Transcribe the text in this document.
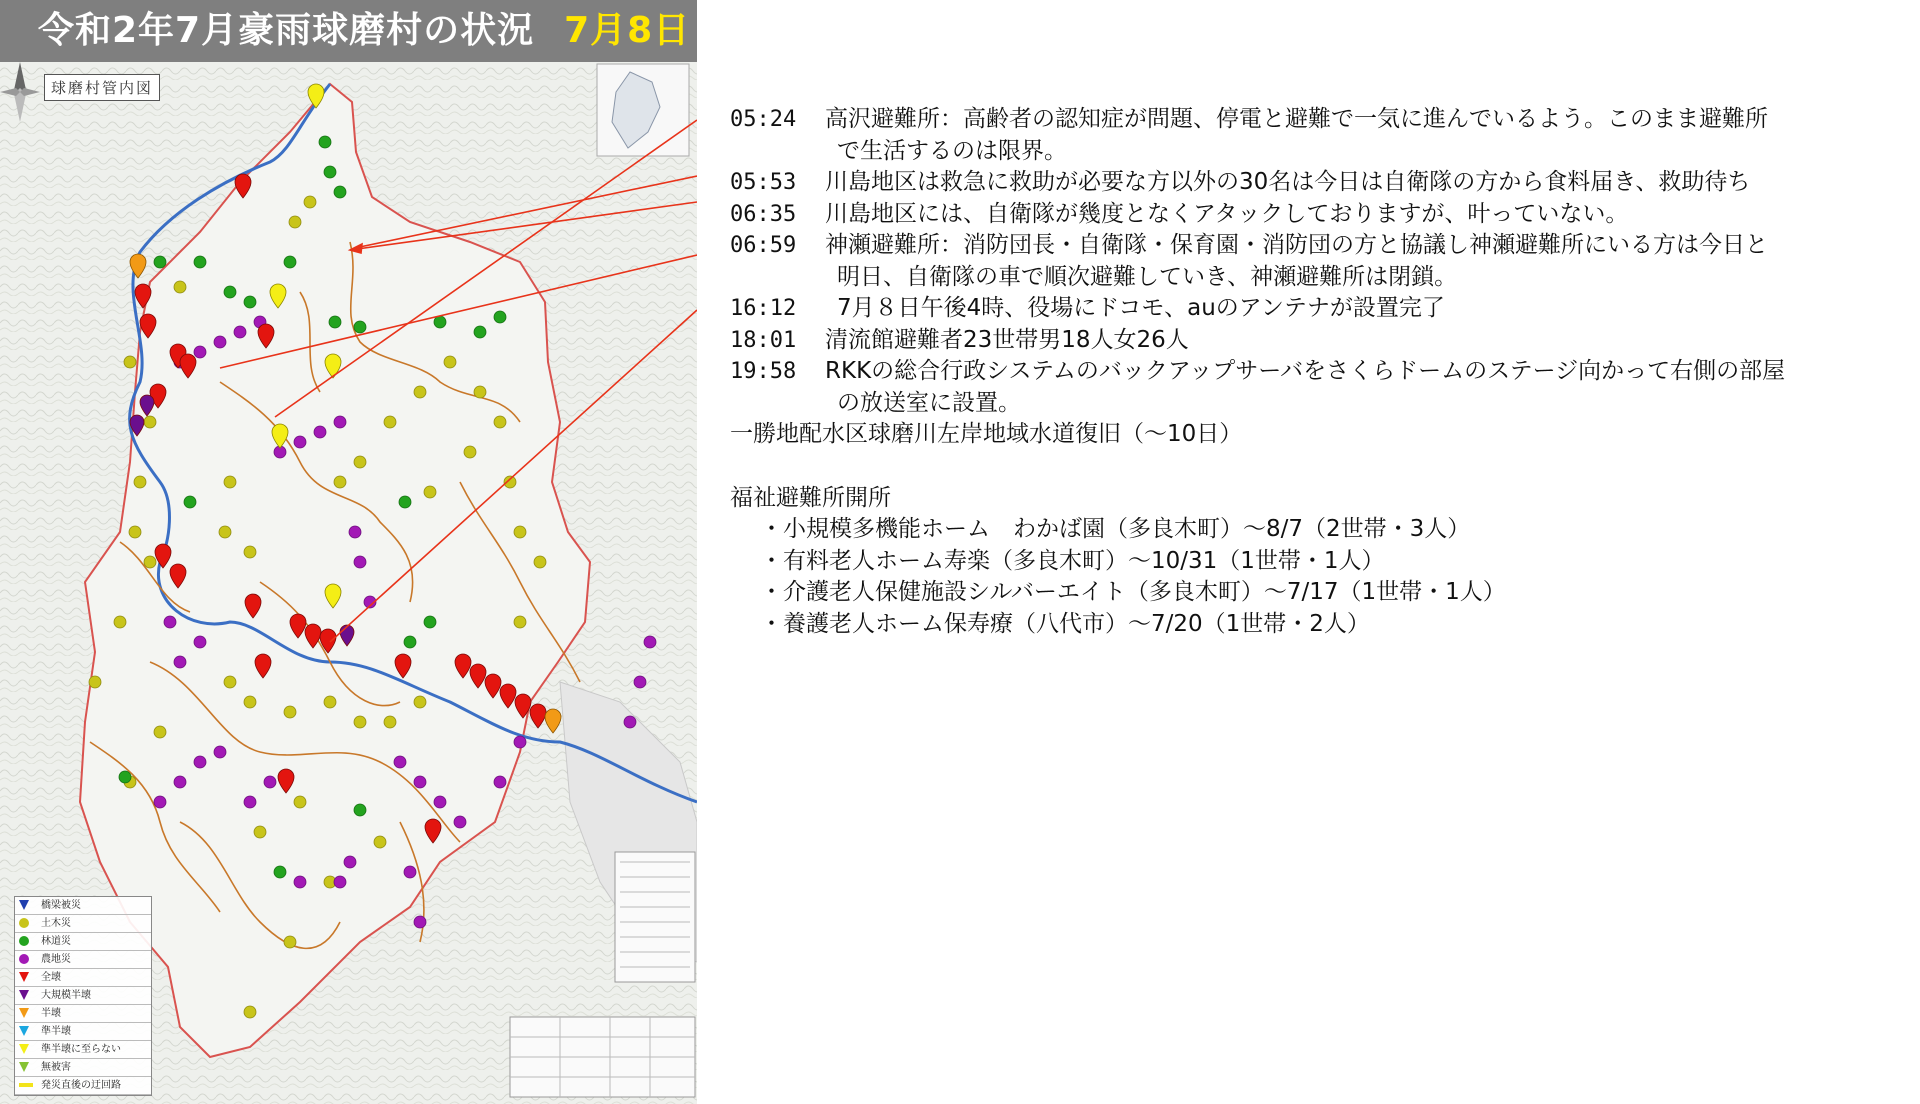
令和2年7月豪雨球磨村の状況 7月8日
球磨村管内図
橋梁被災
土木災
林道災
農地災
全壊
大規模半壊
半壊
準半壊
準半壊に至らない
無被害
発災直後の迂回路
05:24 高沢避難所：高齢者の認知症が問題、停電と避難で一気に進んでいるよう。このまま避難所
で生活するのは限界。
05:53 川島地区は救急に救助が必要な方以外の30名は今日は自衛隊の方から食料届き、救助待ち
06:35 川島地区には、自衛隊が幾度となくアタックしておりますが、叶っていない。
06:59 神瀬避難所：消防団長・自衛隊・保育園・消防団の方と協議し神瀬避難所にいる方は今日と
明日、自衛隊の車で順次避難していき、神瀬避難所は閉鎖。
16:12	7月８日午後4時、役場にドコモ、auのアンテナが設置完了
18:01 清流館避難者23世帯男18人女26人
19:58 RKKの総合行政システムのバックアップサーバをさくらドームのステージ向かって右側の部屋
の放送室に設置。
一勝地配水区球磨川左岸地域水道復旧（～10日）
福祉避難所開所
・小規模多機能ホーム　わかば園（多良木町）～8/7（2世帯・3人）
・有料老人ホーム寿楽（多良木町）～10/31（1世帯・1人）
・介護老人保健施設シルバーエイト（多良木町）～7/17（1世帯・1人）
・養護老人ホーム保寿療（八代市）～7/20（1世帯・2人）
